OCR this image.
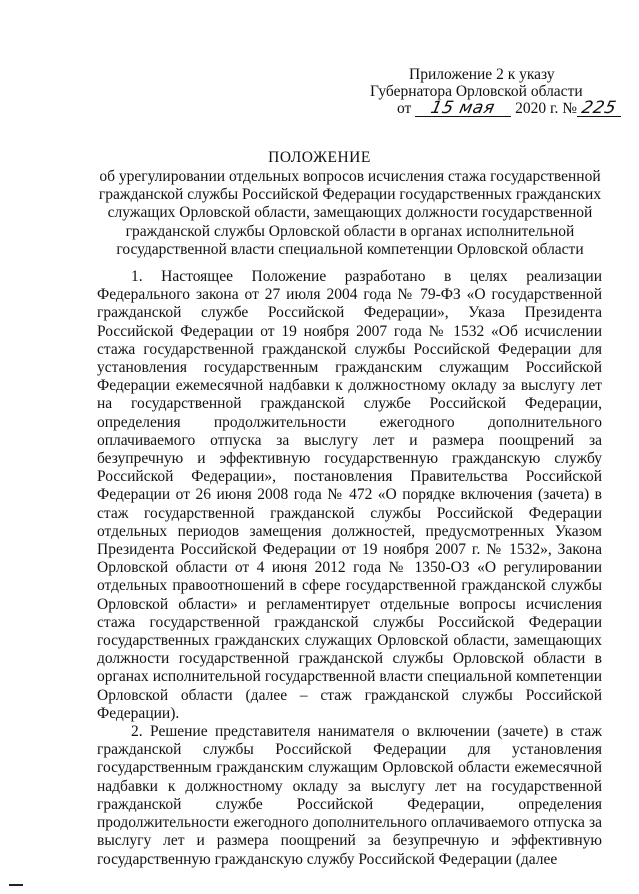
Приложение 2 к указу
Губернатора Орловской области
от 15 мая 2020 г. № 225
ПОЛОЖЕНИЕ
об урегулировании отдельных вопросов исчисления стажа государственной гражданской службы Российской Федерации государственных гражданских служащих Орловской области, замещающих должности государственной гражданской службы Орловской области в органах исполнительной государственной власти специальной компетенции Орловской области

1. Настоящее Положение разработано в целях реализации Федерального закона от 27 июля 2004 года № 79-ФЗ «О государственной гражданской службе Российской Федерации», Указа Президента Российской Федерации от 19 ноября 2007 года № 1532 «Об исчислении стажа государственной гражданской службы Российской Федерации для установления государственным гражданским служащим Российской Федерации ежемесячной надбавки к должностному окладу за выслугу лет на государственной гражданской службе Российской Федерации, определения продолжительности ежегодного дополнительного оплачиваемого отпуска за выслугу лет и размера поощрений за безупречную и эффективную государственную гражданскую службу Российской Федерации», постановления Правительства Российской Федерации от 26 июня 2008 года № 472 «О порядке включения (зачета) в стаж государственной гражданской службы Российской Федерации отдельных периодов замещения должностей, предусмотренных Указом Президента Российской Федерации от 19 ноября 2007 г. № 1532», Закона Орловской области от 4 июня 2012 года № 1350-ОЗ «О регулировании отдельных правоотношений в сфере государственной гражданской службы Орловской области» и регламентирует отдельные вопросы исчисления стажа государственной гражданской службы Российской Федерации государственных гражданских служащих Орловской области, замещающих должности государственной гражданской службы Орловской области в органах исполнительной государственной власти специальной компетенции Орловской области (далее – стаж гражданской службы Российской Федерации).

2. Решение представителя нанимателя о включении (зачете) в стаж гражданской службы Российской Федерации для установления государственным гражданским служащим Орловской области ежемесячной надбавки к должностному окладу за выслугу лет на государственной гражданской службе Российской Федерации, определения продолжительности ежегодного дополнительного оплачиваемого отпуска за выслугу лет и размера поощрений за безупречную и эффективную государственную гражданскую службу Российской Федерации (далее
